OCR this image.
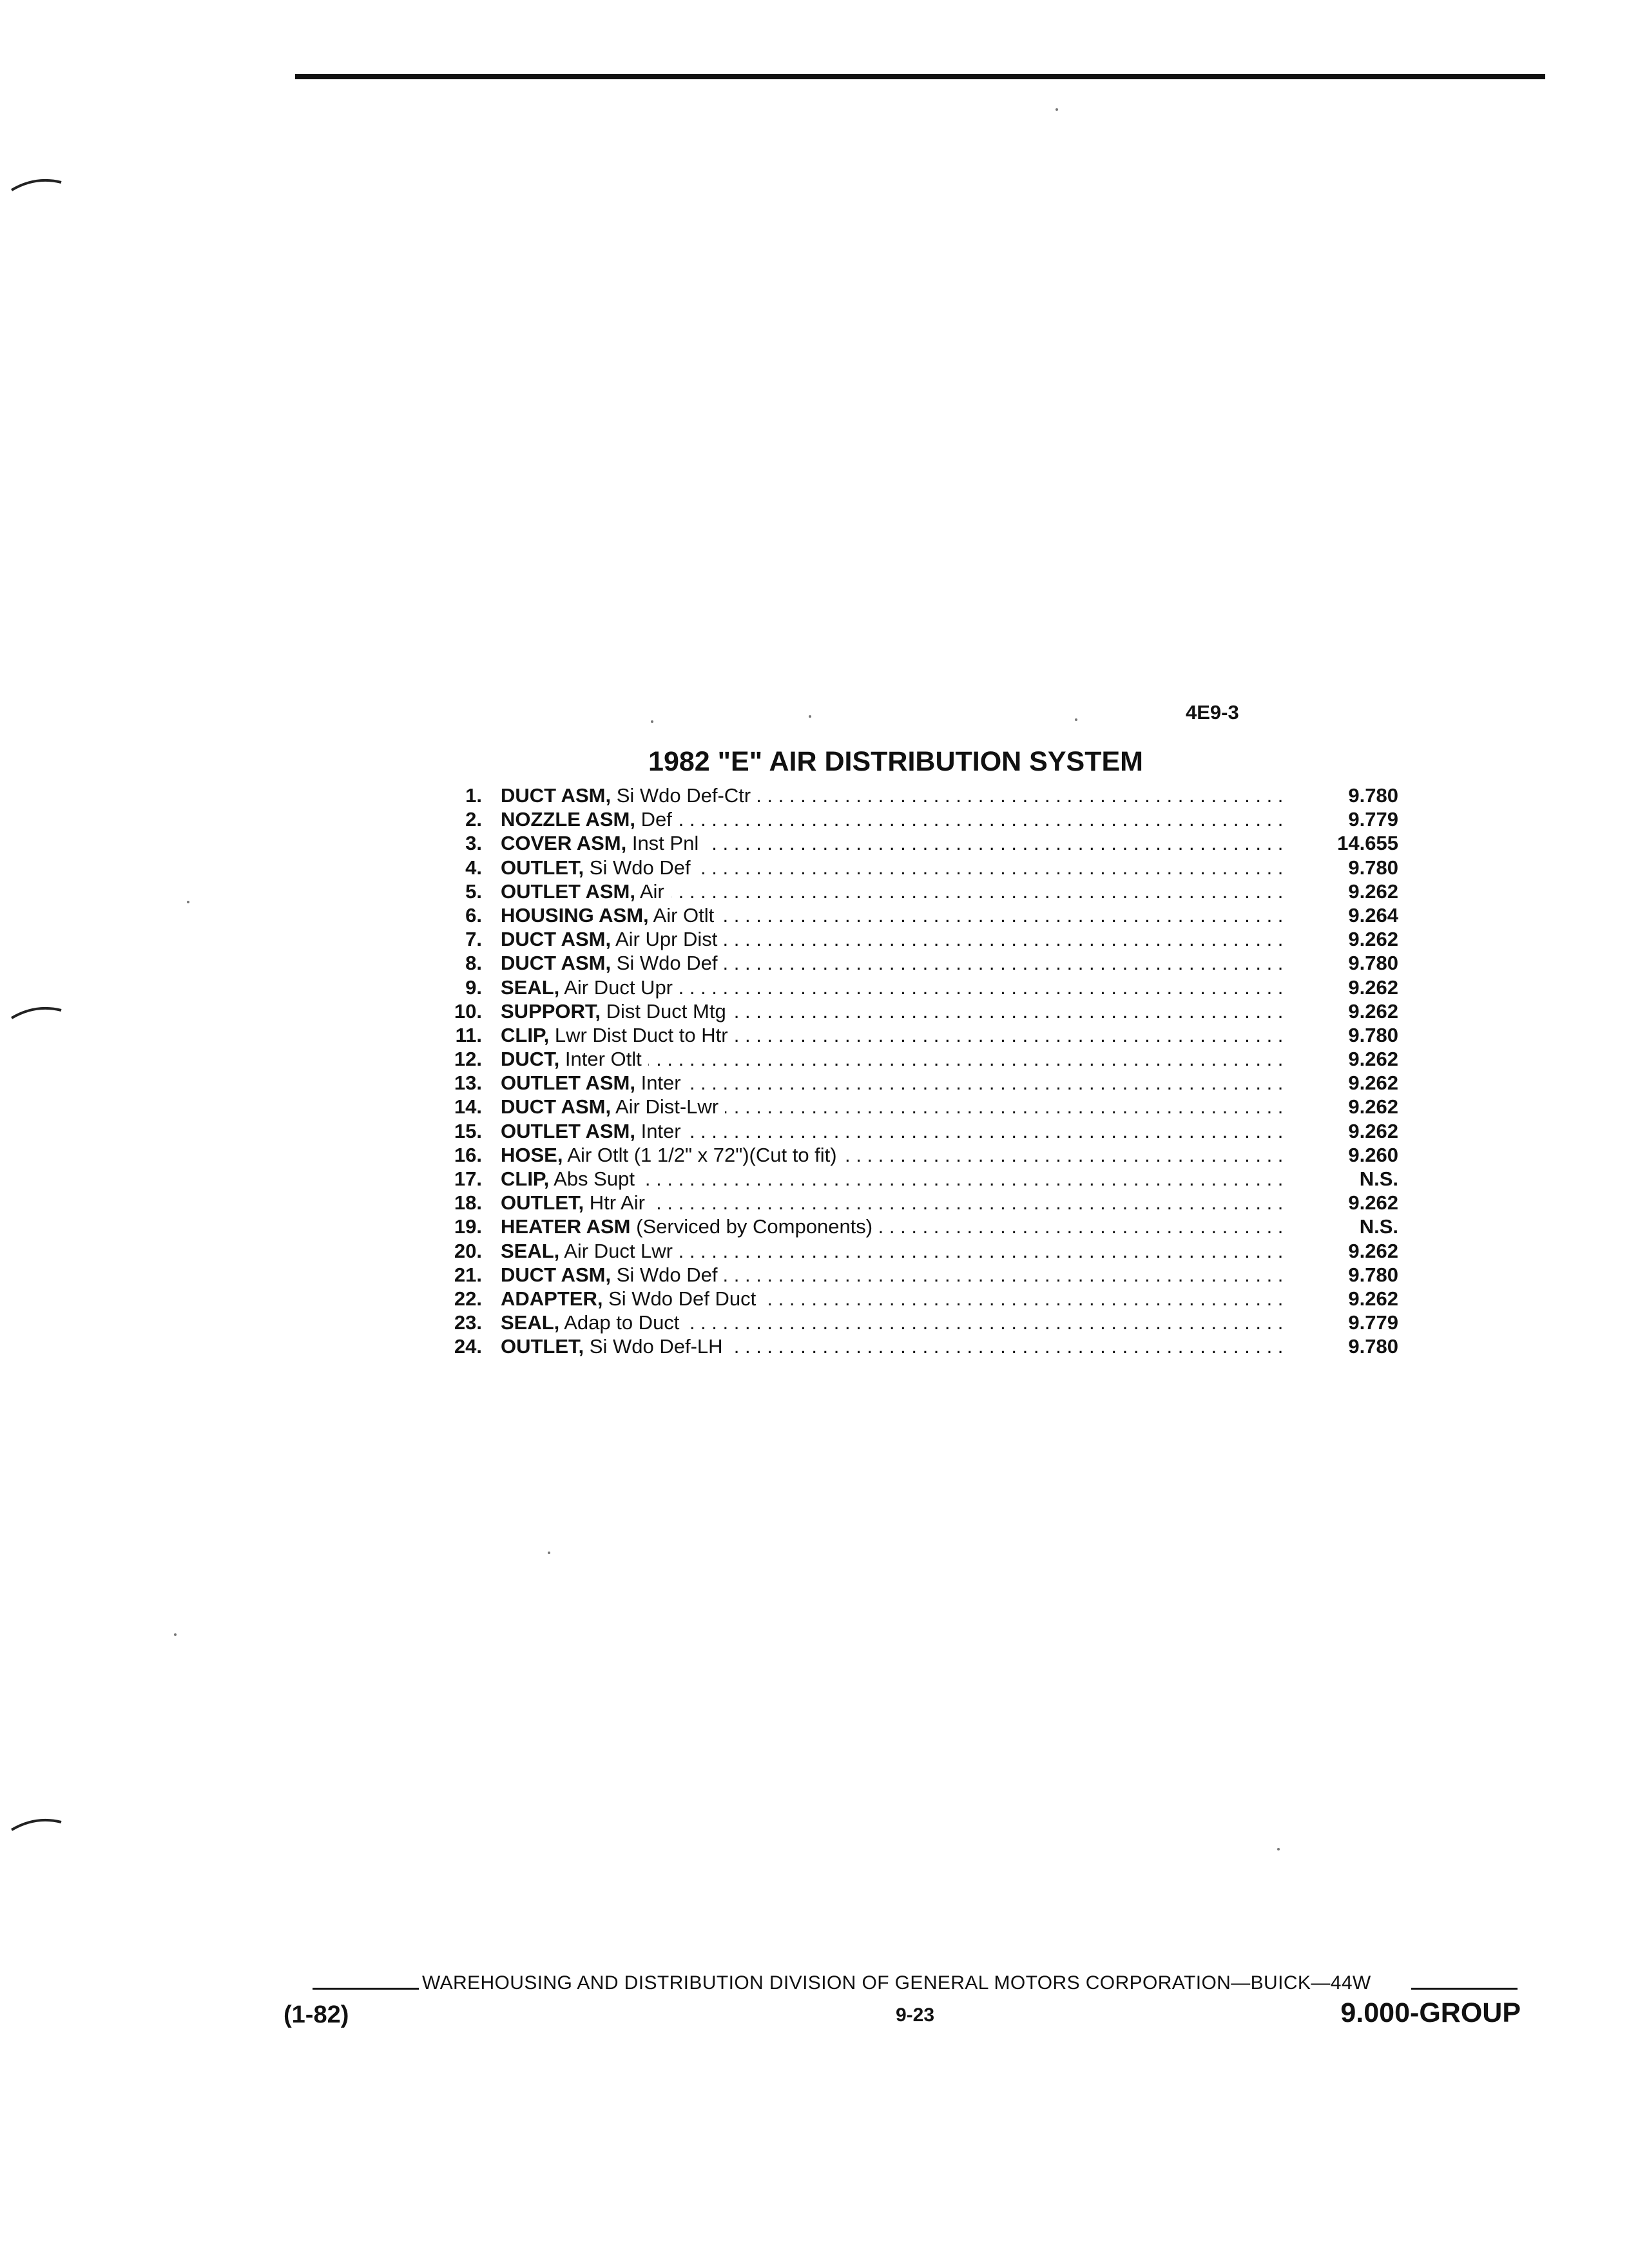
4E9-3
1982 "E" AIR DISTRIBUTION SYSTEM
1. DUCT ASM, Si Wdo Def-Ctr . . .	9.780
2. NOZZLE ASM, Def . . .	9.779
3. COVER ASM, Inst Pnl . . .	14.655
4. OUTLET, Si Wdo Def . . .	9.780
5. OUTLET ASM, Air . . .	9.262
6. HOUSING ASM, Air Otlt . . .	9.264
7. DUCT ASM, Air Upr Dist . . .	9.262
8. DUCT ASM, Si Wdo Def . . .	9.780
9. SEAL, Air Duct Upr . . .	9.262
10. SUPPORT, Dist Duct Mtg . . .	9.262
11. CLIP, Lwr Dist Duct to Htr . . .	9.780
12. DUCT, Inter Otlt . . .	9.262
13. OUTLET ASM, Inter . . .	9.262
14. DUCT ASM, Air Dist-Lwr . . .	9.262
15. OUTLET ASM, Inter . . .	9.262
16. HOSE, Air Otlt (1 1/2" x 72")(Cut to fit) . . .	9.260
17. CLIP, Abs Supt . . .	N.S.
18. OUTLET, Htr Air . . .	9.262
19. HEATER ASM (Serviced by Components) . . .	N.S.
20. SEAL, Air Duct Lwr . . .	9.262
21. DUCT ASM, Si Wdo Def . . .	9.780
22. ADAPTER, Si Wdo Def Duct . . .	9.262
23. SEAL, Adap to Duct . . .	9.779
24. OUTLET, Si Wdo Def-LH . . .	9.780
WAREHOUSING AND DISTRIBUTION DIVISION OF GENERAL MOTORS CORPORATION—BUICK—44W
(1-82)	9-23	9.000-GROUP
